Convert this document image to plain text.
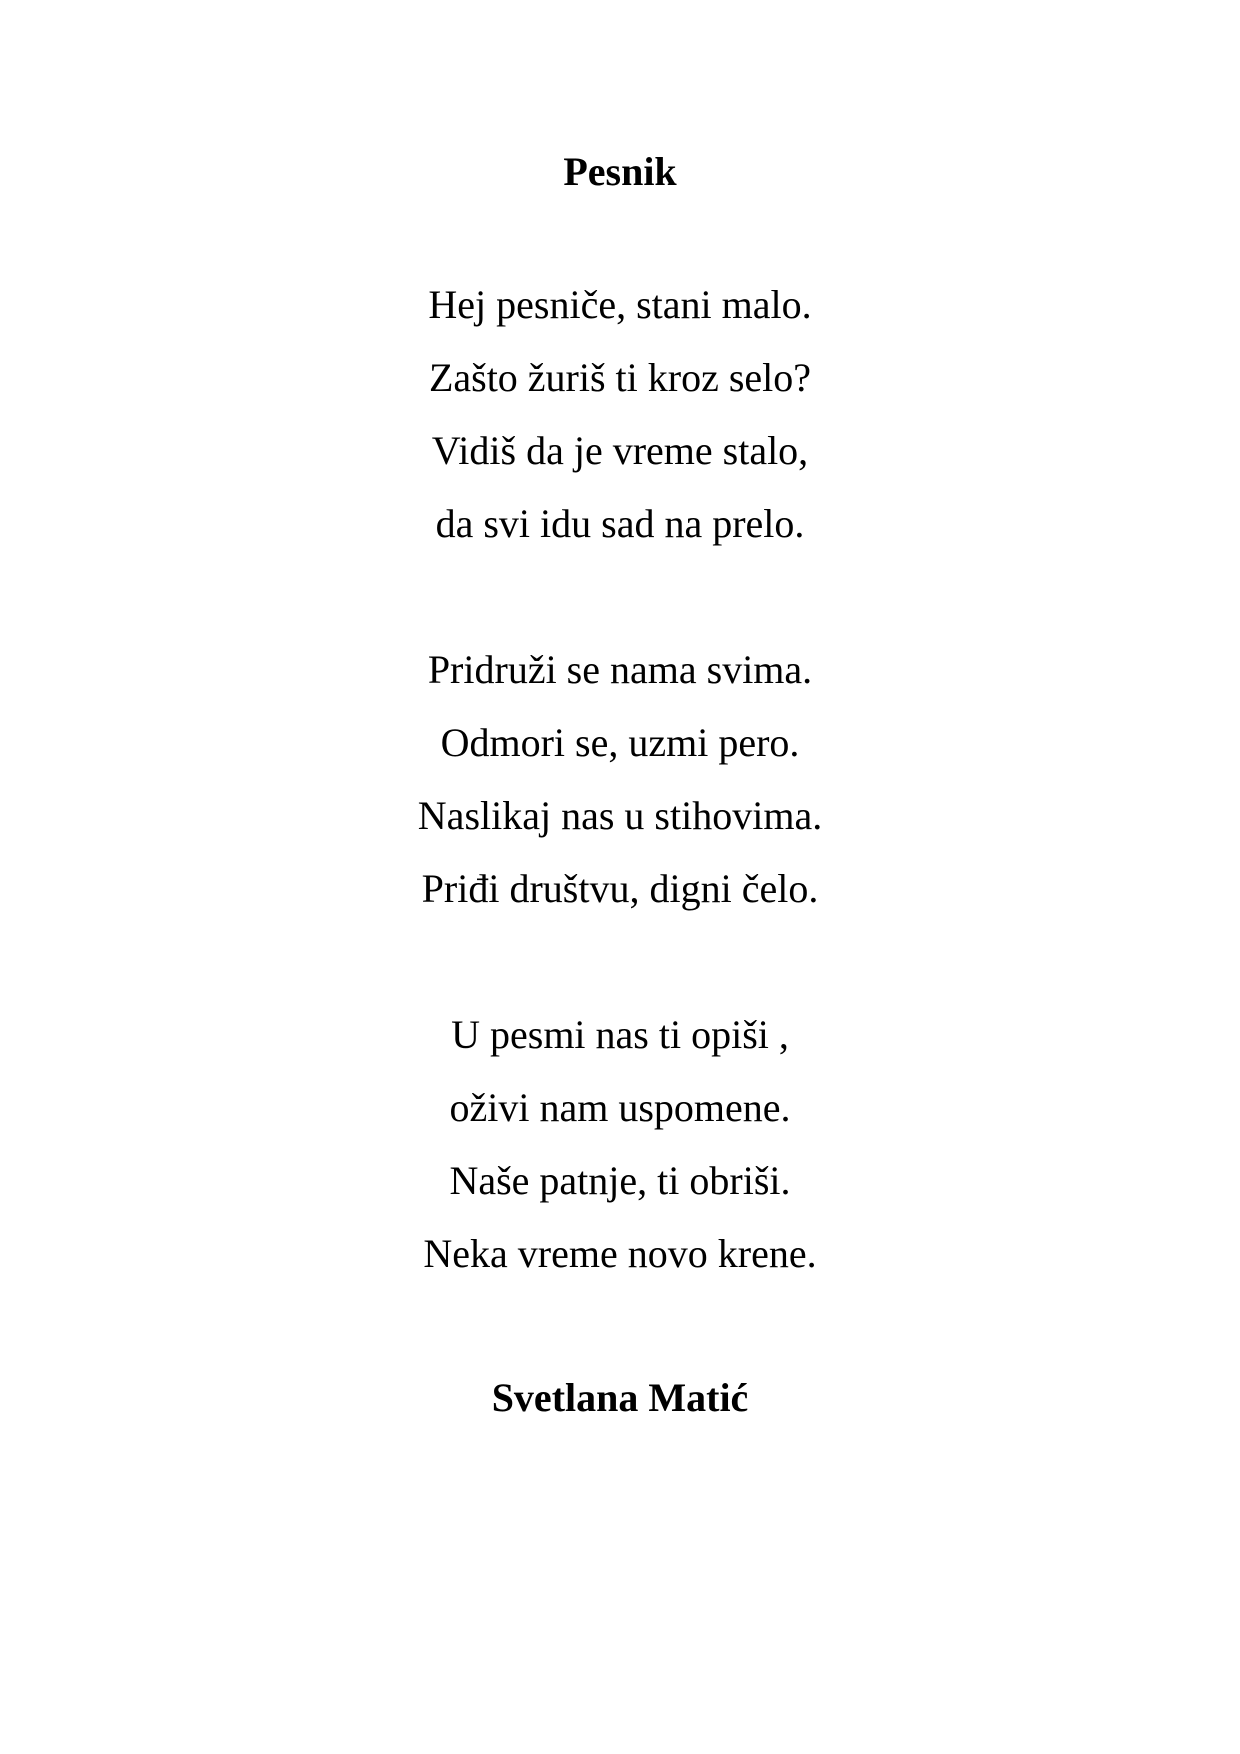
Pesnik
Hej pesniče, stani malo.
Zašto žuriš ti kroz selo?
Vidiš da je vreme stalo,
da svi idu sad na prelo.
Pridruži se nama svima.
Odmori se, uzmi pero.
Naslikaj nas u stihovima.
Priđi društvu, digni čelo.
U pesmi nas ti opiši ,
oživi nam uspomene.
Naše patnje, ti obriši.
Neka vreme novo krene.

Svetlana Matić
